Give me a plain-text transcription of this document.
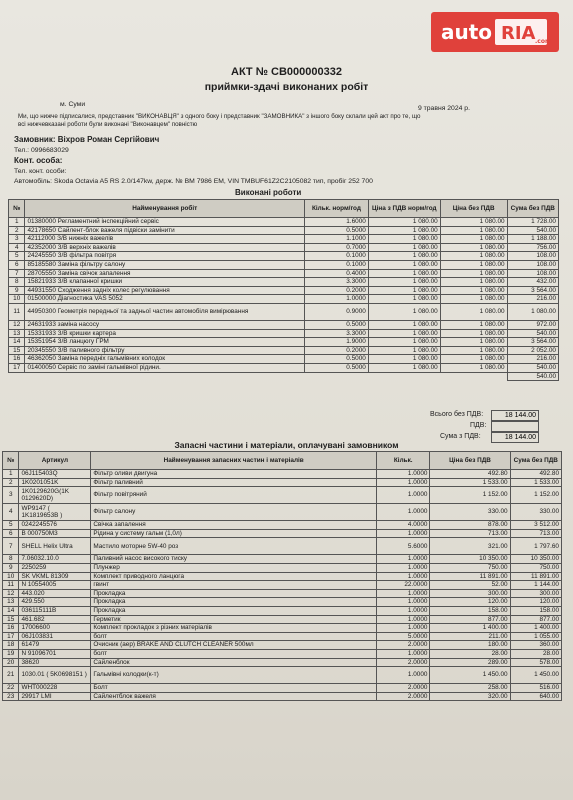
auto RIA .com
АКТ № СВ000000332
приймки-здачі виконаних робіт
м. Суми
9 травня 2024 р.
Ми, що нижче підписалися, представник "ВИКОНАВЦЯ" з одного боку і представник "ЗАМОВНИКА" з іншого боку склали цей акт про те, що
всі нижчевказані роботи були виконані "Виконавцем" повністю
Замовник: Віхров Роман Сергійович
Тел.: 0996683029
Конт. особа:
Тел. конт. особи:
Автомобіль: Skoda Octavia A5 RS 2.0/147kw, держ. № ВМ 7986 ЕМ, VIN TMBUF61Z2C2105082 тип, пробіг 252 700
Виконані роботи
№	Найменування робіт	Кільк. норм/год	Ціна з ПДВ норм/год	Ціна без ПДВ	Сума без ПДВ
1	01380000 Регламентний інспекційний сервіс	1.6000	1 080.00	1 080.00	1 728.00
2	42178650 Сайлент-блок важеля підвіски замінити	0.5000	1 080.00	1 080.00	540.00
3	42112000 З/В нижніх важелів	1.1000	1 080.00	1 080.00	1 188.00
4	42352000 З/В верхніх важелів	0.7000	1 080.00	1 080.00	756.00
5	24245550 З/В фільтра повітря	0.1000	1 080.00	1 080.00	108.00
6	85185580 Заміна фільтру салону	0.1000	1 080.00	1 080.00	108.00
7	28705550 Заміна свічок запалення	0.4000	1 080.00	1 080.00	108.00
8	15821933 З/В клапанної кришки	3.3000	1 080.00	1 080.00	432.00
9	44931550 Сходження задніх колес регулювання	0.2000	1 080.00	1 080.00	3 564.00
10	01500000 Діагностика VAS 5052	1.0000	1 080.00	1 080.00	216.00
11	44950300 Геометрія передньої та задньої частин автомобіля вимірювання	0.9000	1 080.00	1 080.00	1 080.00
12	24631933 заміна насосу	0.5000	1 080.00	1 080.00	972.00
13	15331933 З/В кришки картера	3.3000	1 080.00	1 080.00	540.00
14	15351954 З/В ланцюгу ГРМ	1.9000	1 080.00	1 080.00	3 564.00
15	20345550 З/В паливного фільтру	0.2000	1 080.00	1 080.00	2 052.00
16	46362050 Заміна передніх гальмівних колодок	0.5000	1 080.00	1 080.00	216.00
17	01400050 Сервіс по заміні гальмівної рідини.	0.5000	1 080.00	1 080.00	540.00
					540.00
Всього без ПДВ:	18 144.00
ПДВ:
Сума з ПДВ:	18 144.00
Запасні частини і матеріали, оплачувані замовником
№	Артикул	Найменування запасних частин і матеріалів	Кільк.	Ціна без ПДВ	Сума без ПДВ
1	06J115403Q	Фільтр оливи двигуна	1.0000	492.80	492.80
2	1K0201051K	Фільтр паливний	1.0000	1 533.00	1 533.00
3	1K0129620G(1K 0129620D)	Фільтр повітряний	1.0000	1 152.00	1 152.00
4	WP9147 ( 1K1819653B )	Фільтр салону	1.0000	330.00	330.00
5	0242245576	Свічка запалення	4.0000	878.00	3 512.00
6	B 000750M3	Рідина у систему гальм (1,0л)	1.0000	713.00	713.00
7	SHELL Helix Ultra	Мастило моторне 5W-40 роз	5.6000	321.00	1 797.60
8	7.06032.10.0	Паливний насос високого тиску	1.0000	10 350.00	10 350.00
9	2250259	Плунжер	1.0000	750.00	750.00
10	SK VKML 81309	Комплект приводного ланцюга	1.0000	11 891.00	11 891.00
11	N 10554005	гвинт	22.0000	52.00	1 144.00
12	443.020	Прокладка	1.0000	300.00	300.00
13	429.550	Прокладка	1.0000	120.00	120.00
14	036115111B	Прокладка	1.0000	158.00	158.00
15	461.682	Герметик	1.0000	877.00	877.00
16	17006600	Комплект прокладок з різних матеріалів	1.0000	1 400.00	1 400.00
17	06J103831	болт	5.0000	211.00	1 055.00
18	61479	Очисник (аер) BRAKE AND CLUTCH CLEANER 500мл	2.0000	180.00	360.00
19	N 91096701	болт	1.0000	28.00	28.00
20	38620	Сайленблок	2.0000	289.00	578.00
21	1030.01 ( 5K0698151 )	Гальмівні колодки(к-т)	1.0000	1 450.00	1 450.00
22	WHT000228	Болт	2.0000	258.00	516.00
23	29917 LMI	Сайлентблок важеля	2.0000	320.00	640.00
